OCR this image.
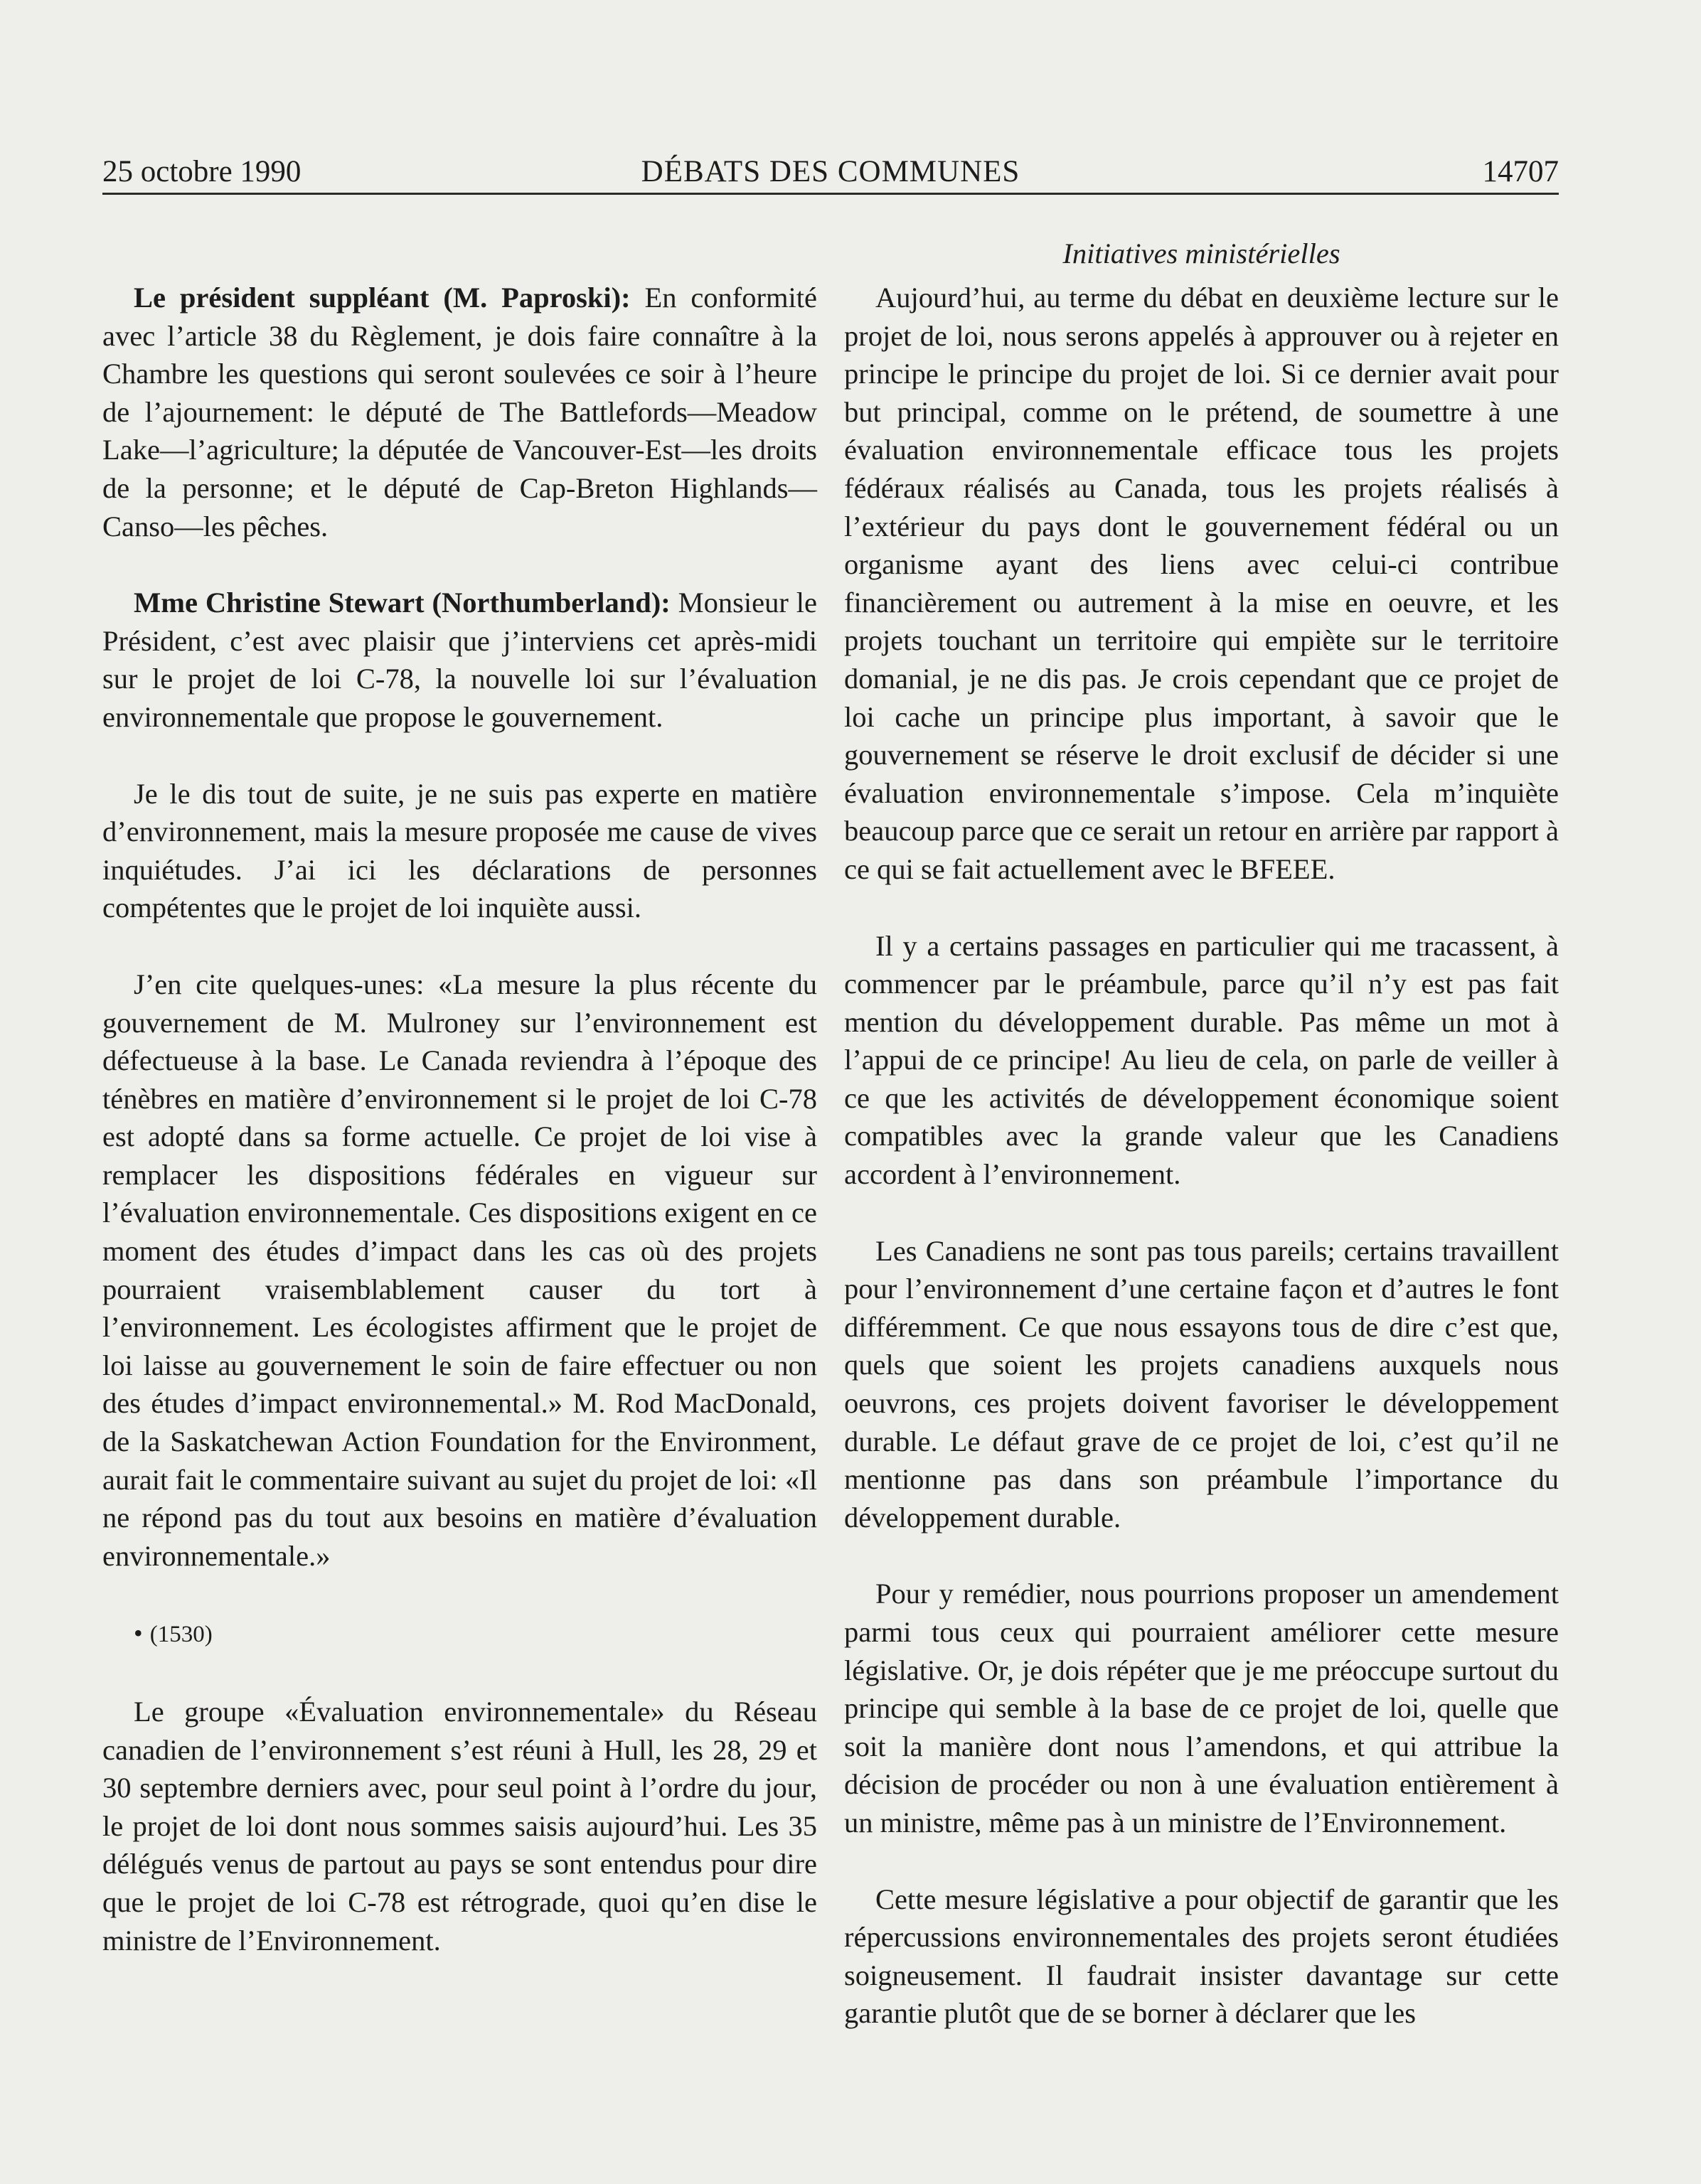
25 octobre 1990	DÉBATS DES COMMUNES	14707

Le président suppléant (M. Paproski): En conformité avec l’article 38 du Règlement, je dois faire connaître à la Chambre les questions qui seront soulevées ce soir à l’heure de l’ajournement: le député de The Battlefords—Meadow Lake—l’agriculture; la députée de Vancouver-Est—les droits de la personne; et le député de Cap-Breton Highlands—Canso—les pêches.

Mme Christine Stewart (Northumberland): Monsieur le Président, c’est avec plaisir que j’interviens cet après-midi sur le projet de loi C-78, la nouvelle loi sur l’évaluation environnementale que propose le gouvernement.

Je le dis tout de suite, je ne suis pas experte en matière d’environnement, mais la mesure proposée me cause de vives inquiétudes. J’ai ici les déclarations de personnes compétentes que le projet de loi inquiète aussi.

J’en cite quelques-unes: «La mesure la plus récente du gouvernement de M. Mulroney sur l’environnement est défectueuse à la base. Le Canada reviendra à l’époque des ténèbres en matière d’environnement si le projet de loi C-78 est adopté dans sa forme actuelle. Ce projet de loi vise à remplacer les dispositions fédérales en vigueur sur l’évaluation environnementale. Ces dispositions exigent en ce moment des études d’impact dans les cas où des projets pourraient vraisemblablement causer du tort à l’environnement. Les écologistes affirment que le projet de loi laisse au gouvernement le soin de faire effectuer ou non des études d’impact environnemental.» M. Rod MacDonald, de la Saskatchewan Action Foundation for the Environment, aurait fait le commentaire suivant au sujet du projet de loi: «Il ne répond pas du tout aux besoins en matière d’évaluation environnementale.»

• (1530)

Le groupe «Évaluation environnementale» du Réseau canadien de l’environnement s’est réuni à Hull, les 28, 29 et 30 septembre derniers avec, pour seul point à l’ordre du jour, le projet de loi dont nous sommes saisis aujourd’hui. Les 35 délégués venus de partout au pays se sont entendus pour dire que le projet de loi C-78 est rétrograde, quoi qu’en dise le ministre de l’Environnement.

Initiatives ministérielles

Aujourd’hui, au terme du débat en deuxième lecture sur le projet de loi, nous serons appelés à approuver ou à rejeter en principe le principe du projet de loi. Si ce dernier avait pour but principal, comme on le prétend, de soumettre à une évaluation environnementale efficace tous les projets fédéraux réalisés au Canada, tous les projets réalisés à l’extérieur du pays dont le gouvernement fédéral ou un organisme ayant des liens avec celui-ci contribue financièrement ou autrement à la mise en oeuvre, et les projets touchant un territoire qui empiète sur le territoire domanial, je ne dis pas. Je crois cependant que ce projet de loi cache un principe plus important, à savoir que le gouvernement se réserve le droit exclusif de décider si une évaluation environnementale s’impose. Cela m’inquiète beaucoup parce que ce serait un retour en arrière par rapport à ce qui se fait actuellement avec le BFEEE.

Il y a certains passages en particulier qui me tracassent, à commencer par le préambule, parce qu’il n’y est pas fait mention du développement durable. Pas même un mot à l’appui de ce principe! Au lieu de cela, on parle de veiller à ce que les activités de développement économique soient compatibles avec la grande valeur que les Canadiens accordent à l’environnement.

Les Canadiens ne sont pas tous pareils; certains travaillent pour l’environnement d’une certaine façon et d’autres le font différemment. Ce que nous essayons tous de dire c’est que, quels que soient les projets canadiens auxquels nous oeuvrons, ces projets doivent favoriser le développement durable. Le défaut grave de ce projet de loi, c’est qu’il ne mentionne pas dans son préambule l’importance du développement durable.

Pour y remédier, nous pourrions proposer un amendement parmi tous ceux qui pourraient améliorer cette mesure législative. Or, je dois répéter que je me préoccupe surtout du principe qui semble à la base de ce projet de loi, quelle que soit la manière dont nous l’amendons, et qui attribue la décision de procéder ou non à une évaluation entièrement à un ministre, même pas à un ministre de l’Environnement.

Cette mesure législative a pour objectif de garantir que les répercussions environnementales des projets seront étudiées soigneusement. Il faudrait insister davantage sur cette garantie plutôt que de se borner à déclarer que les
